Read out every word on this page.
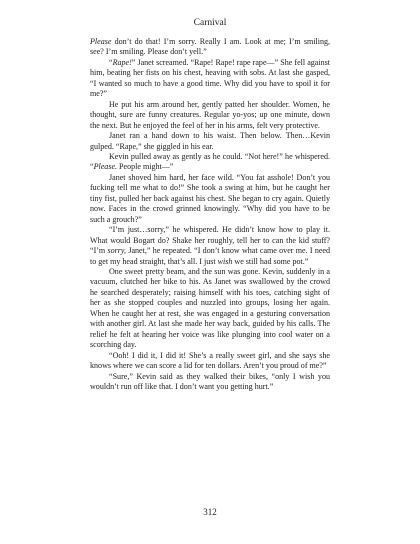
Carnival

Please don’t do that! I’m sorry. Really I am. Look at me; I’m smiling, see? I’m smiling. Please don’t yell.”

“Rape!” Janet screamed. “Rape! Rape! rape rape—” She fell against him, beating her fists on his chest, heaving with sobs. At last she gasped, “I wanted so much to have a good time. Why did you have to spoil it for me?”

He put his arm around her, gently patted her shoulder. Women, he thought, sure are funny creatures. Regular yo-yos; up one minute, down the next. But he enjoyed the feel of her in his arms, felt very protective.

Janet ran a hand down to his waist. Then below. Then…Kevin gulped. “Rape,” she giggled in his ear.

Kevin pulled away as gently as he could. “Not here!” he whispered. “Please. People might—”

Janet shoved him hard, her face wild. “You fat asshole! Don’t you fucking tell me what to do!” She took a swing at him, but he caught her tiny fist, pulled her back against his chest. She began to cry again. Quietly now. Faces in the crowd grinned knowingly. “Why did you have to be such a grouch?”

“I’m just…sorry,” he whispered. He didn’t know how to play it. What would Bogart do? Shake her roughly, tell her to can the kid stuff? “I’m sorry, Janet,” he repeated. “I don’t know what came over me. I need to get my head straight, that’s all. I just wish we still had some pot.”

One sweet pretty beam, and the sun was gone. Kevin, suddenly in a vacuum, clutched her bike to his. As Janet was swallowed by the crowd he searched desperately; raising himself with his toes, catching sight of her as she stopped couples and nuzzled into groups, losing her again. When he caught her at rest, she was engaged in a gesturing conversation with another girl. At last she made her way back, guided by his calls. The relief he felt at hearing her voice was like plunging into cool water on a scorching day.

“Ooh! I did it, I did it! She’s a really sweet girl, and she says she knows where we can score a lid for ten dollars. Aren’t you proud of me?”

“Sure,” Kevin said as they walked their bikes, “only I wish you wouldn’t run off like that. I don’t want you getting hurt.”

312
